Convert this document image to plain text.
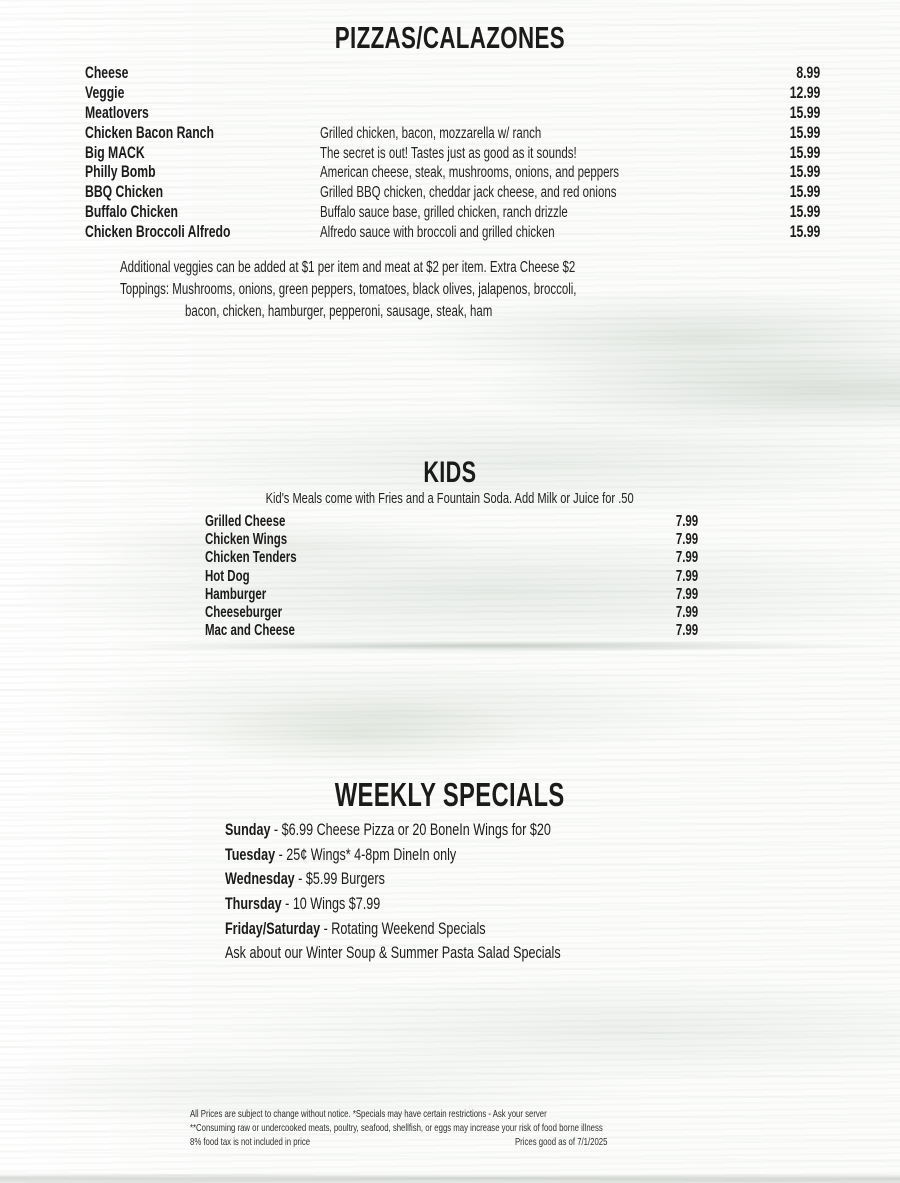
PIZZAS/CALAZONES
Cheese	8.99
Veggie	12.99
Meatlovers	15.99
Chicken Bacon Ranch	Grilled chicken, bacon, mozzarella w/ ranch	15.99
Big MACK	The secret is out! Tastes just as good as it sounds!	15.99
Philly Bomb	American cheese, steak, mushrooms, onions, and peppers	15.99
BBQ Chicken	Grilled BBQ chicken, cheddar jack cheese, and red onions	15.99
Buffalo Chicken	Buffalo sauce base, grilled chicken, ranch drizzle	15.99
Chicken Broccoli Alfredo	Alfredo sauce with broccoli and grilled chicken	15.99
Additional veggies can be added at $1 per item and meat at $2 per item. Extra Cheese $2
Toppings: Mushrooms, onions, green peppers, tomatoes, black olives, jalapenos, broccoli,
bacon, chicken, hamburger, pepperoni, sausage, steak, ham
KIDS
Kid's Meals come with Fries and a Fountain Soda. Add Milk or Juice for .50
Grilled Cheese	7.99
Chicken Wings	7.99
Chicken Tenders	7.99
Hot Dog	7.99
Hamburger	7.99
Cheeseburger	7.99
Mac and Cheese	7.99
WEEKLY SPECIALS
Sunday - $6.99 Cheese Pizza or 20 BoneIn Wings for $20
Tuesday - 25¢ Wings* 4-8pm DineIn only
Wednesday - $5.99 Burgers
Thursday - 10 Wings $7.99
Friday/Saturday - Rotating Weekend Specials
Ask about our Winter Soup & Summer Pasta Salad Specials
All Prices are subject to change without notice. *Specials may have certain restrictions - Ask your server
**Consuming raw or undercooked meats, poultry, seafood, shellfish, or eggs may increase your risk of food borne illness
8% food tax is not included in price	Prices good as of 7/1/2025
